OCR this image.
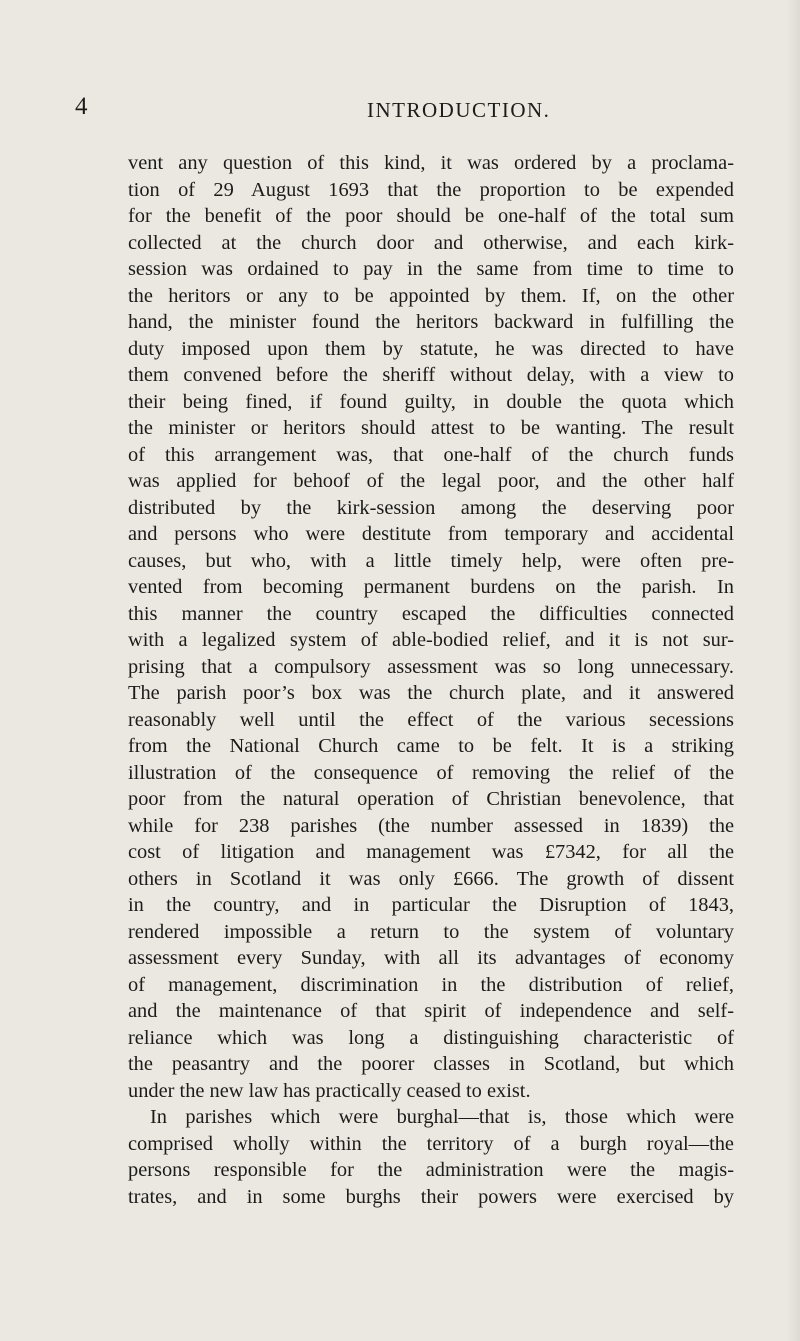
4	INTRODUCTION.
vent any question of this kind, it was ordered by a proclama-
tion of 29 August 1693 that the proportion to be expended
for the benefit of the poor should be one-half of the total sum
collected at the church door and otherwise, and each kirk-
session was ordained to pay in the same from time to time to
the heritors or any to be appointed by them. If, on the other
hand, the minister found the heritors backward in fulfilling the
duty imposed upon them by statute, he was directed to have
them convened before the sheriff without delay, with a view to
their being fined, if found guilty, in double the quota which
the minister or heritors should attest to be wanting. The result
of this arrangement was, that one-half of the church funds
was applied for behoof of the legal poor, and the other half
distributed by the kirk-session among the deserving poor
and persons who were destitute from temporary and accidental
causes, but who, with a little timely help, were often pre-
vented from becoming permanent burdens on the parish. In
this manner the country escaped the difficulties connected
with a legalized system of able-bodied relief, and it is not sur-
prising that a compulsory assessment was so long unnecessary.
The parish poor’s box was the church plate, and it answered
reasonably well until the effect of the various secessions
from the National Church came to be felt. It is a striking
illustration of the consequence of removing the relief of the
poor from the natural operation of Christian benevolence, that
while for 238 parishes (the number assessed in 1839) the
cost of litigation and management was £7342, for all the
others in Scotland it was only £666. The growth of dissent
in the country, and in particular the Disruption of 1843,
rendered impossible a return to the system of voluntary
assessment every Sunday, with all its advantages of economy
of management, discrimination in the distribution of relief,
and the maintenance of that spirit of independence and self-
reliance which was long a distinguishing characteristic of
the peasantry and the poorer classes in Scotland, but which
under the new law has practically ceased to exist.
In parishes which were burghal—that is, those which were
comprised wholly within the territory of a burgh royal—the
persons responsible for the administration were the magis-
trates, and in some burghs their powers were exercised by
